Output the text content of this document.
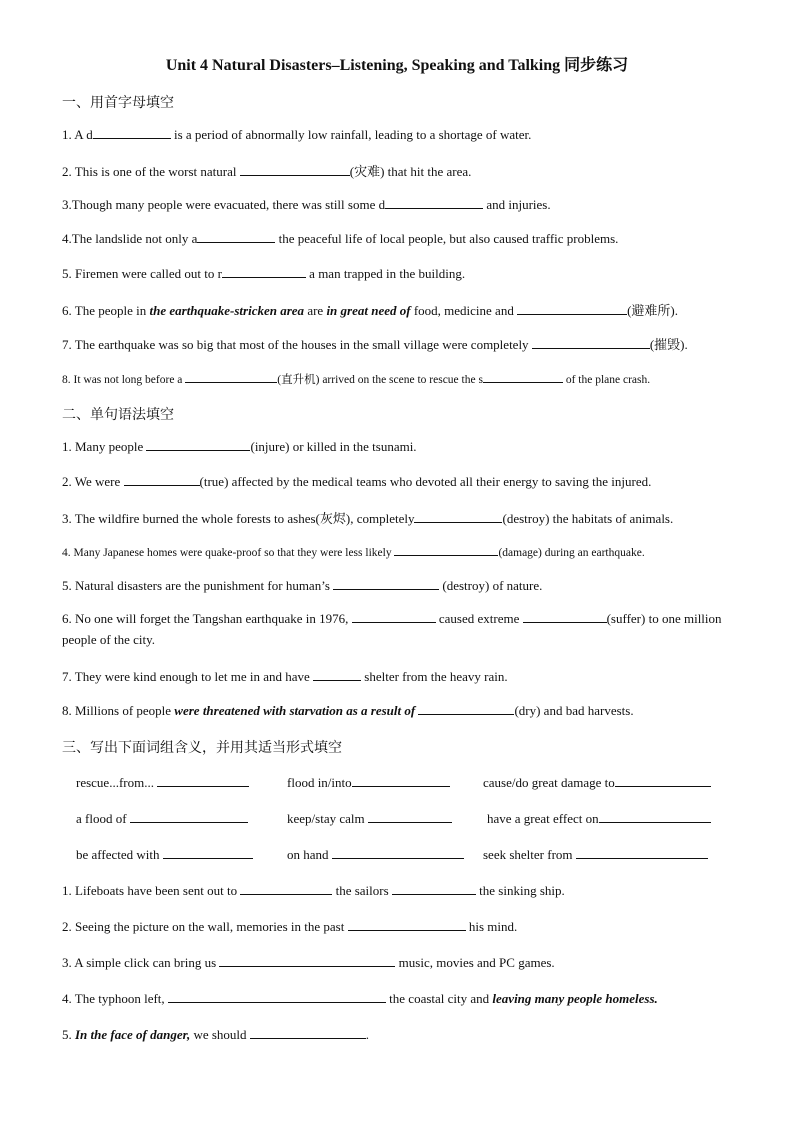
Unit 4 Natural Disasters–Listening, Speaking and Talking 同步练习
一、用首字母填空
1. A d	is a period of abnormally low rainfall, leading to a shortage of water.
2. This is one of the worst natural	(灾难) that hit the area.
3.Though many people were evacuated, there was still some d	and injuries.
4.The landslide not only a	the peaceful life of local people, but also caused traffic problems.
5. Firemen were called out to r	a man trapped in the building.
6. The people in the earthquake-stricken area are in great need of food, medicine and	(避难所).
7. The earthquake was so big that most of the houses in the small village were completely	(摧毁).
8. It was not long before a	(直升机) arrived on the scene to rescue the s	of the plane crash.
二、单句语法填空
1. Many people	(injure) or killed in the tsunami.
2. We were	(true) affected by the medical teams who devoted all their energy to saving the injured.
3. The wildfire burned the whole forests to ashes(灰烬), completely	(destroy) the habitats of animals.
4. Many Japanese homes were quake-proof so that they were less likely	(damage) during an earthquake.
5. Natural disasters are the punishment for human’s	(destroy) of nature.
6. No one will forget the Tangshan earthquake in 1976,	caused extreme	(suffer) to one million people of the city.
7. They were kind enough to let me in and have	shelter from the heavy rain.
8. Millions of people were threatened with starvation as a result of	(dry) and bad harvests.
三、写出下面词组含义，并用其适当形式填空
rescue...from...	flood in/into	cause/do great damage to
a flood of	keep/stay calm	have a great effect on
be affected with	on hand	seek shelter from
1. Lifeboats have been sent out to	the sailors	the sinking ship.
2. Seeing the picture on the wall, memories in the past	his mind.
3. A simple click can bring us	music, movies and PC games.
4. The typhoon left,	the coastal city and leaving many people homeless.
5. In the face of danger, we should	.
